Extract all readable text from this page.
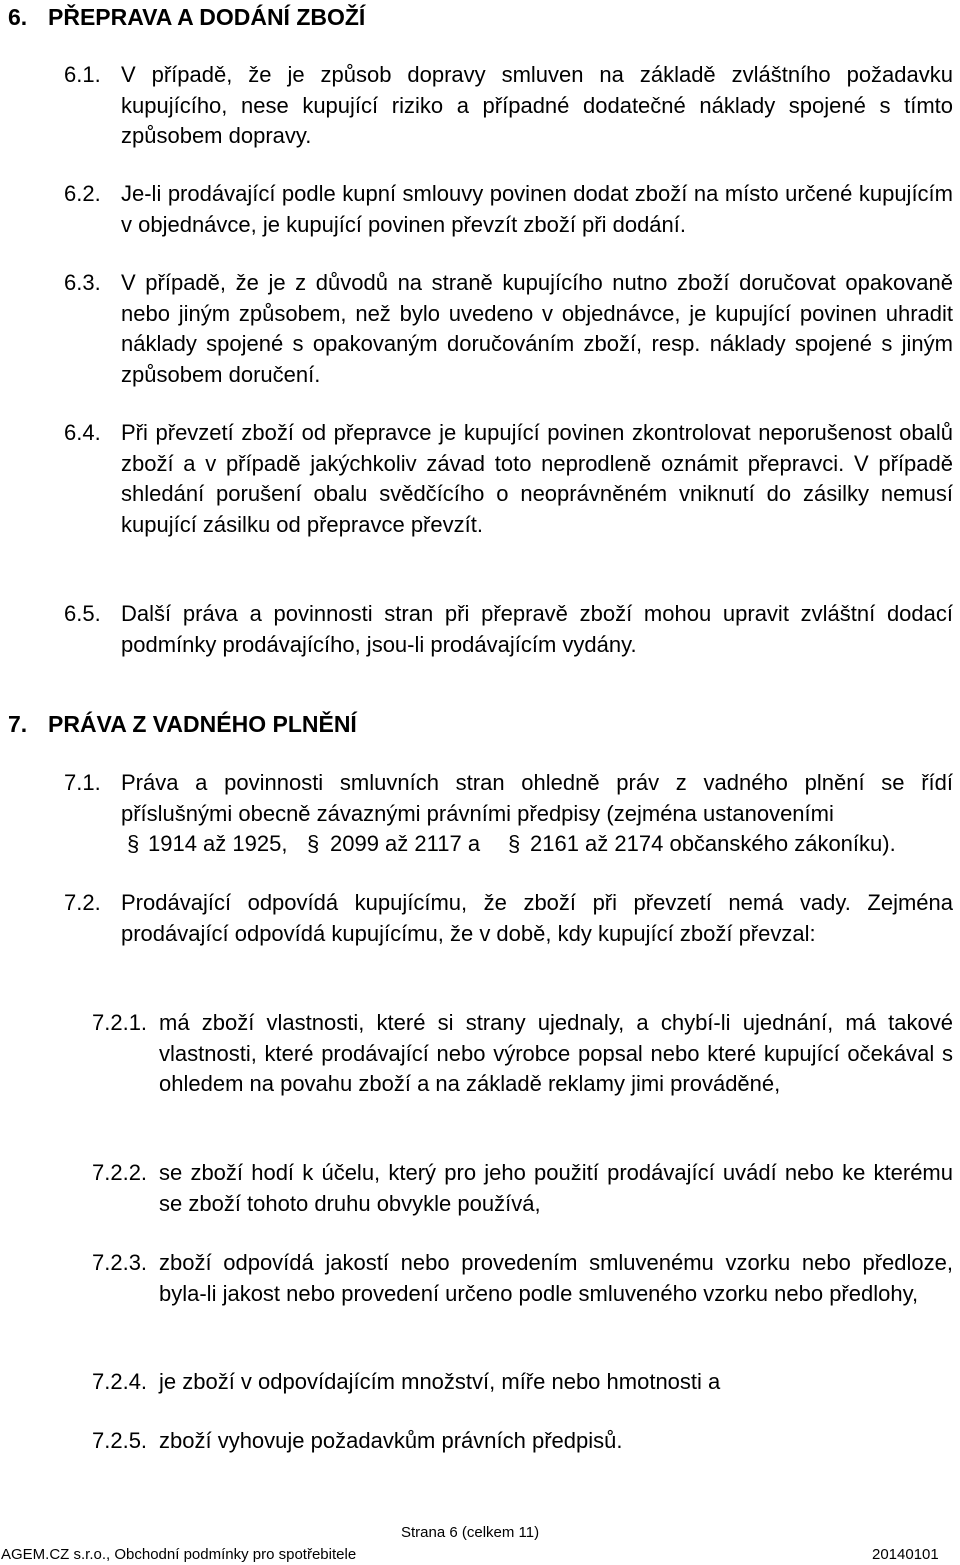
6. PŘEPRAVA A DODÁNÍ ZBOŽÍ
6.1. V případě, že je způsob dopravy smluven na základě zvláštního požadavku kupujícího, nese kupující riziko a případné dodatečné náklady spojené s tímto způsobem dopravy.
6.2. Je-li prodávající podle kupní smlouvy povinen dodat zboží na místo určené kupujícím v objednávce, je kupující povinen převzít zboží při dodání.
6.3. V případě, že je z důvodů na straně kupujícího nutno zboží doručovat opakovaně nebo jiným způsobem, než bylo uvedeno v objednávce, je kupující povinen uhradit náklady spojené s opakovaným doručováním zboží, resp. náklady spojené s jiným způsobem doručení.
6.4. Při převzetí zboží od přepravce je kupující povinen zkontrolovat neporušenost obalů zboží a v případě jakýchkoliv závad toto neprodleně oznámit přepravci. V případě shledání porušení obalu svědčícího o neoprávněném vniknutí do zásilky nemusí kupující zásilku od přepravce převzít.
6.5. Další práva a povinnosti stran při přepravě zboží mohou upravit zvláštní dodací podmínky prodávajícího, jsou-li prodávajícím vydány.
7. PRÁVA Z VADNÉHO PLNĚNÍ
7.1. Práva a povinnosti smluvních stran ohledně práv z vadného plnění se řídí příslušnými obecně závaznými právními předpisy (zejména ustanoveními
§ 1914 až 1925, § 2099 až 2117 a § 2161 až 2174 občanského zákoníku).
7.2. Prodávající odpovídá kupujícímu, že zboží při převzetí nemá vady. Zejména prodávající odpovídá kupujícímu, že v době, kdy kupující zboží převzal:
7.2.1. má zboží vlastnosti, které si strany ujednaly, a chybí-li ujednání, má takové vlastnosti, které prodávající nebo výrobce popsal nebo které kupující očekával s ohledem na povahu zboží a na základě reklamy jimi prováděné,
7.2.2. se zboží hodí k účelu, který pro jeho použití prodávající uvádí nebo ke kterému se zboží tohoto druhu obvykle používá,
7.2.3. zboží odpovídá jakostí nebo provedením smluvenému vzorku nebo předloze, byla-li jakost nebo provedení určeno podle smluveného vzorku nebo předlohy,
7.2.4. je zboží v odpovídajícím množství, míře nebo hmotnosti a
7.2.5. zboží vyhovuje požadavkům právních předpisů.
Strana 6 (celkem 11)
AGEM.CZ s.r.o., Obchodní podmínky pro spotřebitele	20140101
